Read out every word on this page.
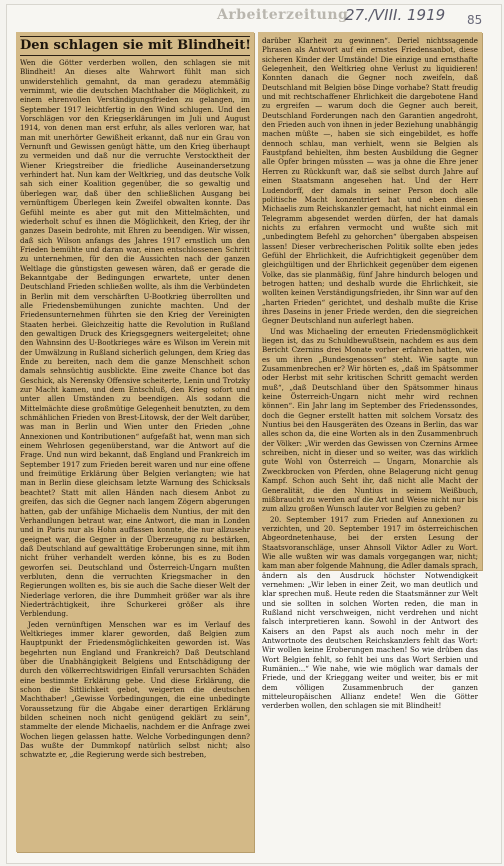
Arbeiterzeitung
27./VIII. 1919 85
Den schlagen sie mit Blindheit!

Wen die Götter verderben wollen, den schlagen sie mit Blindheit! An dieses alte Wahrwort fühlt man sich unwiderstehlich gemahnt, da man geradezu atemmäßig vernimmt, wie die deutschen Machthaber die Möglichkeit, zu einem ehrenvollen Verständigungsfrieden zu gelangen, im September 1917 leichtfertig in den Wind schlugen. Und den Vorschlägen vor den Kriegserklärungen im Juli und August 1914, von denen man erst erfuhr, als alles verloren war, hat man mit unerhörter Gewißheit erkannt, daß nur ein Grau von Vernunft und Gewissen genügt hätte, um den Krieg überhaupt zu vermeiden und daß nur die verruchte Verstocktheit der Wiener Kriegstreiber die friedliche Auseinandersetzung verhindert hat. Nun kam der Weltkrieg, und das deutsche Volk sah sich einer Koalition gegenüber, die so gewaltig und überlegen war, daß über den schließlichen Ausgang bei vernünftigem Überlegen kein Zweifel obwalten konnte. Das Gefühl meinte es aber gut mit den Mittelmächten, und wiederholt schuf es ihnen die Möglichkeit, den Krieg, der ihr ganzes Dasein bedrohte, mit Ehren zu beendigen. Wir wissen, daß sich Wilson anfangs des Jahres 1917 ernstlich um den Frieden bemühte und daran war, einen entschlossenen Schritt zu unternehmen, für den die Aussichten nach der ganzen Weltlage die günstigsten gewesen wären, daß er gerade die Bekanntgabe der Bedingungen erwartete, unter denen Deutschland Frieden schließen wollte, als ihm die Verbündeten in Berlin mit dem verschärften U-Bootkrieg überrollten und alle Friedensbemühungen zunichte machten. Und der Friedensunternehmen führten sie den Krieg der Vereinigten Staaten herbei. Gleichzeitig hatte die Revolution in Rußland den gewaltigen Druck des Kriegsgegners weitergeleitet; ohne den Wahnsinn des U-Bootkrieges wäre es Wilson im Verein mit der Umwälzung in Rußland sicherlich gelungen, dem Krieg das Ende zu bereiten, nach dem die ganze Menschheit schon damals sehnsüchtig ausblickte. Eine zweite Chance bot das Geschick, als Nerensky Offensive scheiterte, Lenin und Trotzky zur Macht kamen, und dem Entschluß, den Krieg sofort und unter allen Umständen zu beendigen. Als sodann die Mittelmächte diese großmütige Gelegenheit benutzten, zu dem schmählichen Frieden von Brest-Litowsk, der der Welt darüber, was man in Berlin und Wien unter den Frieden „ohne Annexionen und Kontributionen“ aufgefaßt hat, wenn man sich einem Wehrlosen gegenüberstand, war die Antwort auf die Frage. Und nun wird bekannt, daß England und Frankreich im September 1917 zum Frieden bereit waren und nur eine offene und freimütige Erklärung über Belgien verlangten; wie hat man in Berlin diese gleichsam letzte Warnung des Schicksals beachtet? Statt mit allen Händen nach diesem Anbot zu greifen, das sich die Gegner nach langem Zögern abgerungen hatten, gab der unfähige Michaelis dem Nuntius, der mit den Verhandlungen betraut war, eine Antwort, die man in Londen und in Paris nur als Hohn auffassen konnte, die nur allzusehr geeignet war, die Gegner in der Überzeugung zu bestärken, daß Deutschland auf gewalttätige Eroberungen sinne, mit ihm nicht früher verhandelt werden könne, bis es zu Boden geworfen sei. Deutschland und Österreich-Ungarn mußten verbluten, denn die verruchten Kriegsmacher in den Regierungen wollten es, bis sie auch die Sache dieser Welt der Niederlage verloren, die ihre Dummheit größer war als ihre Niederträchtigkeit, ihre Schurkerei größer als ihre Verblendung.

Jeden vernünftigen Menschen war es im Verlauf des Weltkrieges immer klarer geworden, daß Belgien zum Hauptpunkt der Friedensmöglichkeiten geworden ist. Was begehrten nun England und Frankreich? Daß Deutschland über die Unabhängigkeit Belgiens und Entschädigung der durch den völkerrechtswidrigen Einfall verursachten Schäden eine bestimmte Erklärung gebe. Und diese Erklärung, die schon die Sittlichkeit gebot, weigerten die deutschen Machthaber! „Gewisse Vorbedingungen, die eine unbedingte Voraussetzung für die Abgabe einer derartigen Erklärung bilden scheinen noch nicht genügend geklärt zu sein“, stammelte der elende Michaelis, nachdem er die Anfrage zwei Wochen liegen gelassen hatte. Welche Vorbedingungen denn? Das wußte der Dummkopf natürlich selbst nicht; also schwatzte er, „die Regierung werde sich bestreben,

darüber Klarheit zu gewinnen“. Deriel nichtssagende Phrasen als Antwort auf ein ernstes Friedensanbot, diese sicheren Kinder der Umstände! Die einzige und ernsthafte Gelegenheit, den Weltkrieg ohne Verlust zu liquidieren! Konnten danach die Gegner noch zweifeln, daß Deutschland mit Belgien böse Dinge vorhabe? Statt freudig und mit rechtschaffener Ehrlichkeit die dargebotene Hand zu ergreifen — warum doch die Gegner auch bereit, Deutschland Forderungen nach den Garantien angedroht, den Frieden auch von ihnen in jeder Beziehung unabhängig machen müßte —, haben sie sich eingebildet, es hoffe dennoch schlau, man verhielt, wenn sie Belgien als Faustpfand behielten, ihm besten Ausbildung die Gegner alle Opfer bringen müssten — was ja ohne die Ehre jener Herren zu Rückkunft war, daß sie selbst durch Jahre auf einen Staatsmann angesehen hat. Und der Herr Ludendorff, der damals in seiner Person doch alle politische Macht konzentriert hat und eben diesen Michaelis zum Reichskanzler gemacht, hat nicht einmal ein Telegramm abgesendet werden dürfen, der hat damals nichts zu erfahren vermocht und wußte sich mit „unbedingtem Befehl zu gehorchen“ übergaben abspeisen lassen! Dieser verbrecherischen Politik sollte eben jedes Gefühl der Ehrlichkeit, die Aufrichtigkeit gegenüber dem gleichgültigen und der Ehrlichkeit gegenüber dem eigenen Volke, das sie planmäßig, fünf Jahre hindurch belogen und betrogen hatten; und deshalb wurde die Ehrlichkeit, sie wollten keinen Verständigungsfrieden, ihr Sinn war auf den „harten Frieden“ gerichtet, und deshalb mußte die Krise ihres Daseins in jener Friede werden, den die siegreichen Gegner Deutschland nun auferlegt haben.

Und was Michaeling der erneuten Friedensmöglichkeit liegen ist, das zu Schuldbewußtsein, nachdem es aus dem Bericht Czernins drei Monate vorher erfahren hatten, wie es um ihren „Bundesgenossen“ steht. Wie sagte nun Zusammenbrechen er? Wir hörten es, „daß im Spätsommer oder Herbst mit sehr kritischen Schritt gemacht werden muß“, „daß Deutschland über den Spätsommer hinaus keine Österreich-Ungarn nicht mehr wird rechnen können“. Ein Jahr lang im September des Friedenssondes, doch die Gegner erstellt hatten mit solchem Vorsatz des Nuntius bei den Hausgeräten des Ozeans in Berlin, das war alles schon da, die eine Worten als in den Zusammenbruch der Völker: „Wir werden das Gewissen von Czernins Armee schreiben, nicht in dieser und so weiter, was das wirklich gute Wohl von Österreich — Ungarn, Monarchie als Zweckbrocken von Pferden, ohne Belagerung nicht genug Kampf. Schon auch Seht ihr, daß nicht alle Macht der Generalität, die den Nuntius in seinem Weißbuch, mißbraucht zu werden auf die Art und Weise nicht nur bis zum allzu großen Wunsch lauter vor Belgien zu geben?

20. September 1917 zum Frieden auf Annexionen zu verzichten, und 20. September 1917 im österreichischen Abgeordnetenhause, bei der ersten Lesung der Staatsvoranschläge, unser Ahnsoll Viktor Adler zu Wort. Wie alle wußten wir was damals vorgegangen war, nicht; kam man aber folgende Mahnung, die Adler damals sprach, ändern als den Ausdruck höchster Notwendigkeit vernehmen: „Wir leben in einer Zeit, wo man deutlich und klar sprechen muß. Heute reden die Staatsmänner zur Welt und sie sollten in solchen Worten reden, die man in Rußland nicht verschweigen, nicht verdrehen und nicht falsch interpretieren kann. Sowohl in der Antwort des Kaisers an den Papst als auch noch mehr in der Antwortnote des deutschen Reichskanzlers fehlt das Wort: Wir wollen keine Eroberungen machen! So wie drüben das Wort Belgien fehlt, so fehlt bei uns das Wort Serbien und Rumänien...“ Wie nahe, wie wie möglich war damals der Friede, und der Krieggang weiter und weiter, bis er mit dem völligen Zusammenbruch der ganzen mitteleuropäischen Allianz endete! Wen die Götter verderben wollen, den schlagen sie mit Blindheit!
